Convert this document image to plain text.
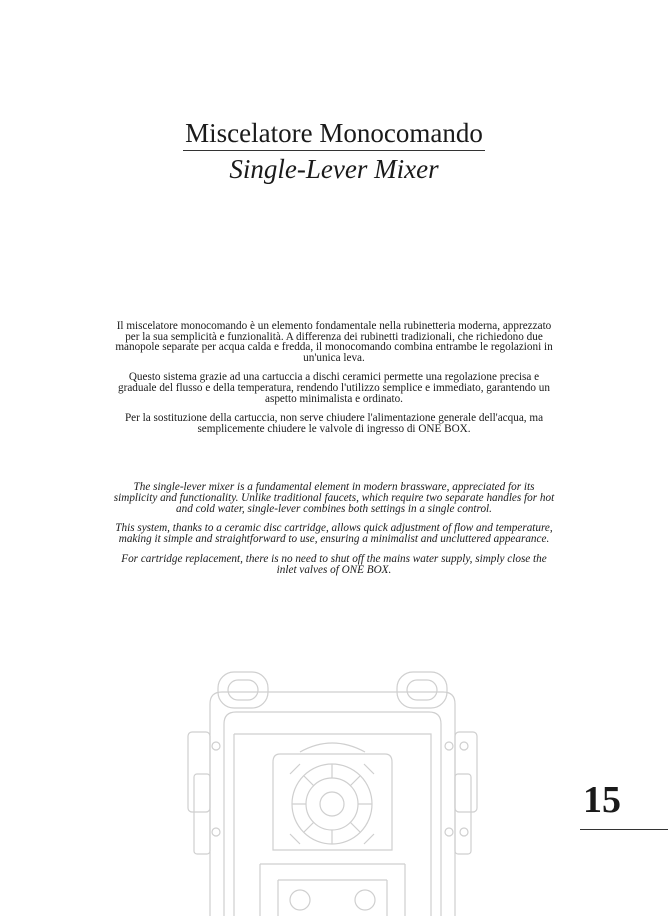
Miscelatore Monocomando
Single-Lever Mixer

Il miscelatore monocomando è un elemento fondamentale nella rubinetteria moderna, apprezzato per la sua semplicità e funzionalità. A differenza dei rubinetti tradizionali, che richiedono due manopole separate per acqua calda e fredda, il monocomando combina entrambe le regolazioni in un'unica leva.

Questo sistema grazie ad una cartuccia a dischi ceramici permette una regolazione precisa e graduale del flusso e della temperatura, rendendo l'utilizzo semplice e immediato, garantendo un aspetto minimalista e ordinato.

Per la sostituzione della cartuccia, non serve chiudere l'alimentazione generale dell'acqua, ma semplicemente chiudere le valvole di ingresso di ONE BOX.

The single-lever mixer is a fundamental element in modern brassware, appreciated for its simplicity and functionality. Unlike traditional faucets, which require two separate handles for hot and cold water, single-lever combines both settings in a single control.

This system, thanks to a ceramic disc cartridge, allows quick adjustment of flow and temperature, making it simple and straightforward to use, ensuring a minimalist and uncluttered appearance.

For cartridge replacement, there is no need to shut off the mains water supply, simply close the inlet valves of ONE BOX.

15
